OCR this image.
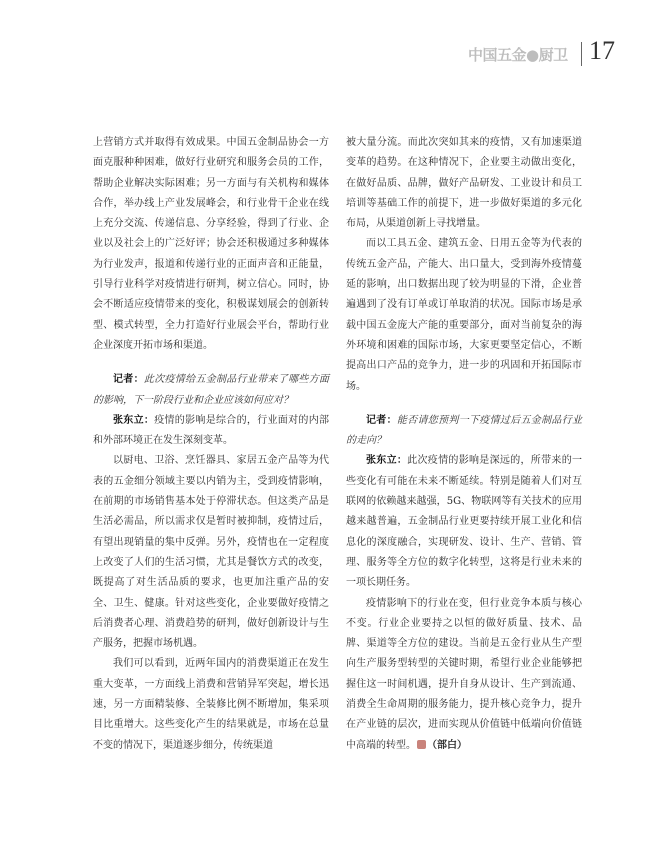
中国五金●厨卫 17

上营销方式并取得有效成果。中国五金制品协会一方面克服种种困难，做好行业研究和服务会员的工作，帮助企业解决实际困难；另一方面与有关机构和媒体合作，举办线上产业发展峰会，和行业骨干企业在线上充分交流、传递信息、分享经验，得到了行业、企业以及社会上的广泛好评；协会还积极通过多种媒体为行业发声，报道和传递行业的正面声音和正能量，引导行业科学对疫情进行研判，树立信心。同时，协会不断适应疫情带来的变化，积极谋划展会的创新转型、模式转型，全力打造好行业展会平台，帮助行业企业深度开拓市场和渠道。

记者：此次疫情给五金制品行业带来了哪些方面的影响，下一阶段行业和企业应该如何应对？

张东立：疫情的影响是综合的，行业面对的内部和外部环境正在发生深刻变革。

以厨电、卫浴、烹饪器具、家居五金产品等为代表的五金细分领域主要以内销为主，受到疫情影响，在前期的市场销售基本处于停滞状态。但这类产品是生活必需品，所以需求仅是暂时被抑制，疫情过后，有望出现销量的集中反弹。另外，疫情也在一定程度上改变了人们的生活习惯，尤其是餐饮方式的改变，既提高了对生活品质的要求，也更加注重产品的安全、卫生、健康。针对这些变化，企业要做好疫情之后消费者心理、消费趋势的研判，做好创新设计与生产服务，把握市场机遇。

我们可以看到，近两年国内的消费渠道正在发生重大变革，一方面线上消费和营销异军突起，增长迅速，另一方面精装修、全装修比例不断增加，集采项目比重增大。这些变化产生的结果就是，市场在总量不变的情况下，渠道逐步细分，传统渠道

被大量分流。而此次突如其来的疫情，又有加速渠道变革的趋势。在这种情况下，企业要主动做出变化，在做好品质、品牌，做好产品研发、工业设计和员工培训等基础工作的前提下，进一步做好渠道的多元化布局，从渠道创新上寻找增量。

而以工具五金、建筑五金、日用五金等为代表的传统五金产品，产能大、出口量大，受到海外疫情蔓延的影响，出口数据出现了较为明显的下滑，企业普遍遇到了没有订单或订单取消的状况。国际市场是承载中国五金庞大产能的重要部分，面对当前复杂的海外环境和困难的国际市场，大家更要坚定信心，不断提高出口产品的竞争力，进一步的巩固和开拓国际市场。

记者：能否请您预判一下疫情过后五金制品行业的走向？

张东立：此次疫情的影响是深远的，所带来的一些变化有可能在未来不断延续。特别是随着人们对互联网的依赖越来越强，5G、物联网等有关技术的应用越来越普遍，五金制品行业更要持续开展工业化和信息化的深度融合，实现研发、设计、生产、营销、管理、服务等全方位的数字化转型，这将是行业未来的一项长期任务。

疫情影响下的行业在变，但行业竞争本质与核心不变。行业企业要持之以恒的做好质量、技术、品牌、渠道等全方位的建设。当前是五金行业从生产型向生产服务型转型的关键时期，希望行业企业能够把握住这一时间机遇，提升自身从设计、生产到流通、消费全生命周期的服务能力，提升核心竞争力，提升在产业链的层次，进而实现从价值链中低端向价值链中高端的转型。 （部白）
